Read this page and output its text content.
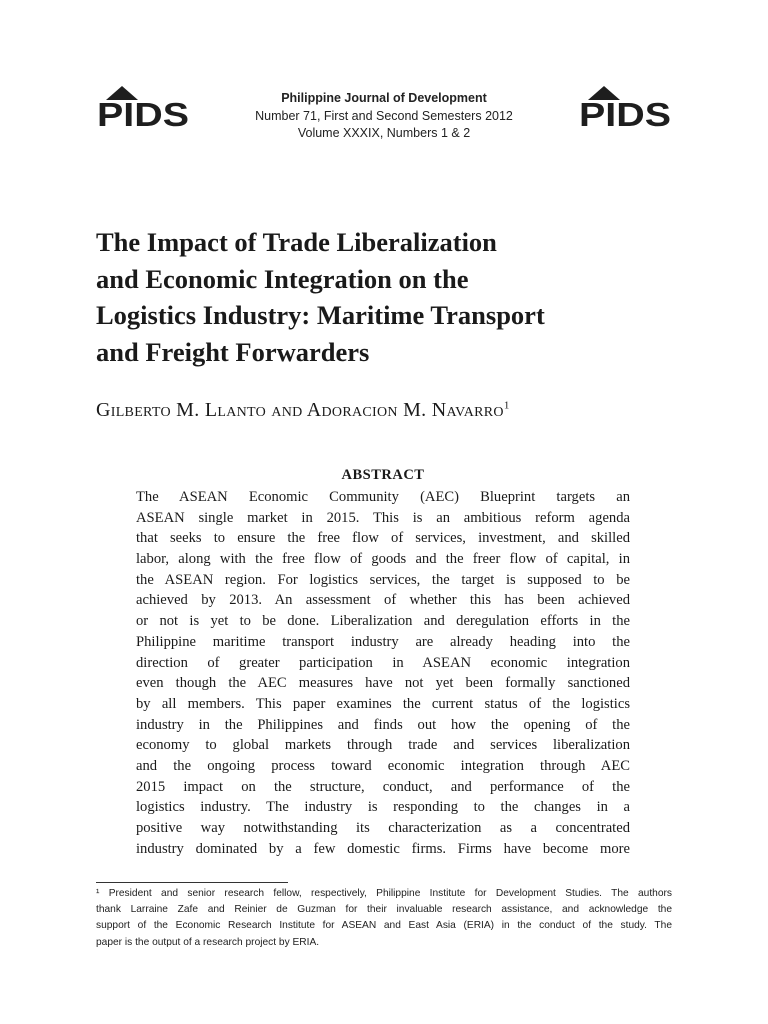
PIDS	PIDS
Philippine Journal of Development
Number 71, First and Second Semesters 2012
Volume XXXIX, Numbers 1 & 2
The Impact of Trade Liberalization
and Economic Integration on the
Logistics Industry: Maritime Transport
and Freight Forwarders
Gilberto M. Llanto and Adoracion M. Navarro$^1$
ABSTRACT
The ASEAN Economic Community (AEC) Blueprint targets an
ASEAN single market in 2015. This is an ambitious reform agenda
that seeks to ensure the free flow of services, investment, and skilled
labor, along with the free flow of goods and the freer flow of capital, in
the ASEAN region. For logistics services, the target is supposed to be
achieved by 2013. An assessment of whether this has been achieved
or not is yet to be done. Liberalization and deregulation efforts in the
Philippine maritime transport industry are already heading into the
direction of greater participation in ASEAN economic integration
even though the AEC measures have not yet been formally sanctioned
by all members. This paper examines the current status of the logistics
industry in the Philippines and finds out how the opening of the
economy to global markets through trade and services liberalization
and the ongoing process toward economic integration through AEC
2015 impact on the structure, conduct, and performance of the
logistics industry. The industry is responding to the changes in a
positive way notwithstanding its characterization as a concentrated
industry dominated by a few domestic firms. Firms have become more
¹ President and senior research fellow, respectively, Philippine Institute for Development Studies. The authors
thank Larraine Zafe and Reinier de Guzman for their invaluable research assistance, and acknowledge the
support of the Economic Research Institute for ASEAN and East Asia (ERIA) in the conduct of the study. The
paper is the output of a research project by ERIA.
